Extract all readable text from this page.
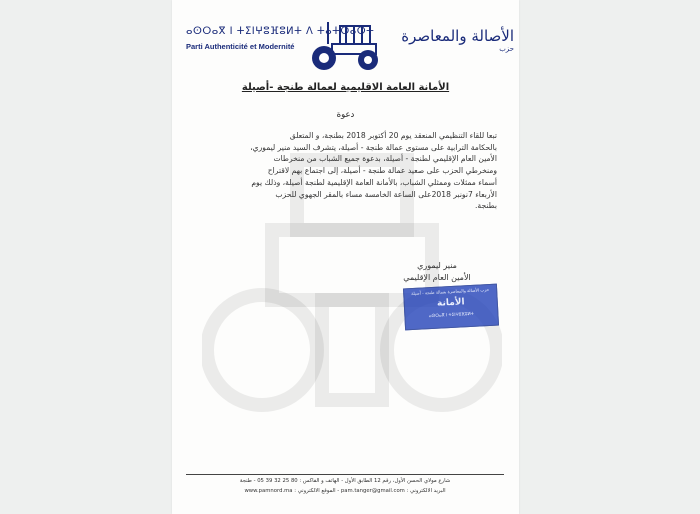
ⴰⵙⵔⴰⴳ ⵏ ⵜⵉⵏⵖⵓⴼⵓⵍⵜ ⴷ ⵜⴰⵜⵔⴰⵔⵜ
Parti Authenticité et Modernité
الأصالة والمعاصرة $^{حزب}$
الأمانة العامة الاقليمية لعمالة طنجة -أصيلة
دعوة
تبعا للقاء التنظيمي المنعقد يوم 20 أكتوبر 2018 بطنجة، و المتعلق
بالحكامة الترابية على مستوى عمالة طنجة - أصيلة، يتشرف السيد منير ليموري،
الأمين العام الإقليمي لطنجة - أصيلة، بدعوة جميع الشباب من منخرطات
ومنخرطي الحزب على صعيد عمالة طنجة - أصيلة، إلى اجتماع بهم لاقتراح
أسماء ممثلات وممثلي الشباب، بالأمانة العامة الإقليمية لطنجة أصيلة، وذلك يوم
الأربعاء 7نونبر 2018على الساعة الخامسة مساء بالمقر الجهوي للحزب
بطنجة.
منير ليموري
الأمين العام الإقليمي
حزب الأصالة والمعاصرة بعمالة طنجة - أصيلة
الأمانة
ⴰⵙⵔⴰⴳ ⵏ ⵜⵉⵏⵖⵓⴼⵓⵍⵜ
شارع مولاي الحسن الأول، رقم 12 الطابق الأول - الهاتف و الفاكس : 80 25 32 39 05 - طنجة
البريد الالكتروني : pam.tanger@gmail.com - الموقع الالكتروني : www.pamnord.ma
